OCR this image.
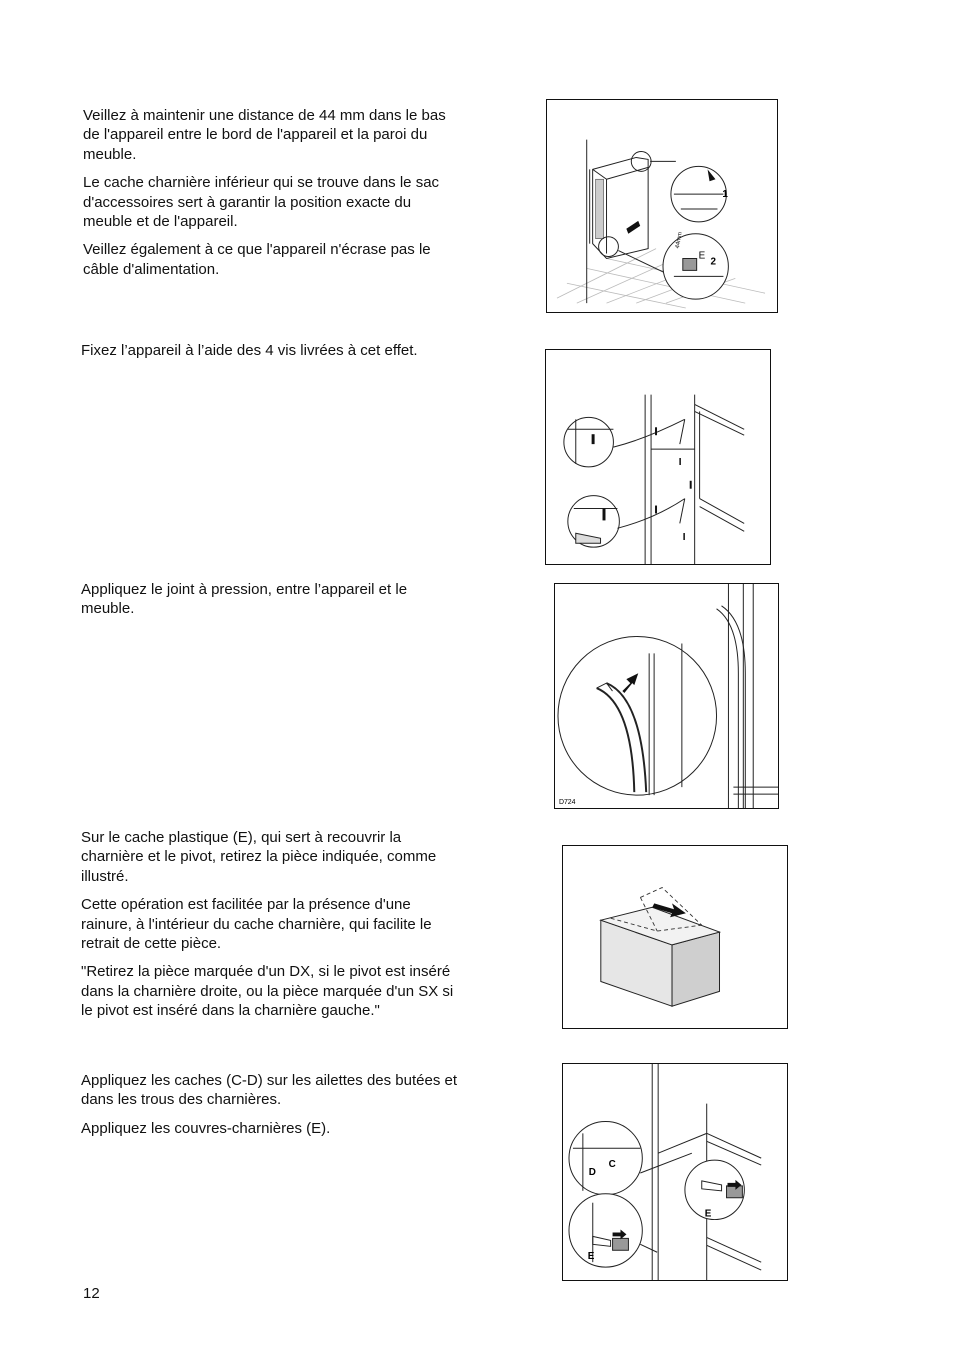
Veillez à maintenir une distance de 44 mm dans le bas de l'appareil entre le bord de l'appareil et la paroi du meuble.

Le cache charnière inférieur qui se trouve dans le sac d'accessoires sert à garantir la position exacte du meuble et de l'appareil.

Veillez également à ce que l'appareil n'écrase pas le câble d'alimentation.

1
2
E
44mm

Fixez l’appareil à l’aide des 4 vis livrées à cet effet.

I
I

Appliquez le joint à pression, entre l’appareil et le meuble.

D724

Sur le cache plastique (E), qui sert à recouvrir la charnière et le pivot, retirez la pièce indiquée, comme illustré.

Cette opération est facilitée par la présence d'une rainure, à l'intérieur du cache charnière, qui facilite le retrait de cette pièce.

"Retirez la pièce marquée d'un DX, si le pivot est inséré dans la charnière droite, ou la pièce marquée d'un SX si le pivot est inséré dans la charnière gauche."

Appliquez les caches (C-D) sur les ailettes des butées et dans les trous des charnières.

Appliquez les couvres-charnières (E).

C
D
E
E
12
